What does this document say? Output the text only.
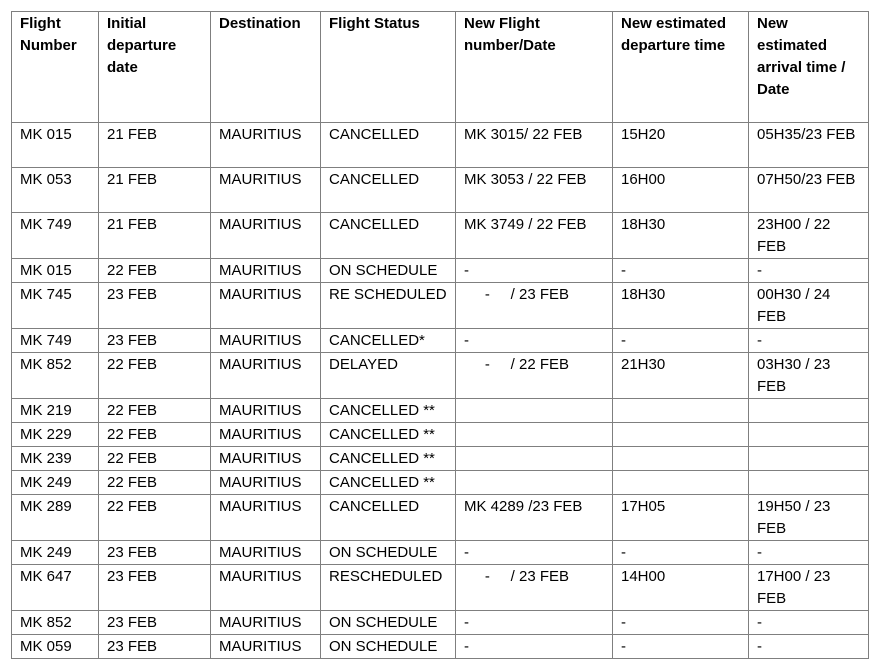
Flight Number	Initial departure date	Destination	Flight Status	New Flight number/Date	New estimated departure time	New estimated arrival time / Date
MK 015	21 FEB	MAURITIUS	CANCELLED	MK 3015/ 22 FEB	15H20	05H35/23 FEB
MK 053	21 FEB	MAURITIUS	CANCELLED	MK 3053 / 22 FEB	16H00	07H50/23 FEB
MK 749	21 FEB	MAURITIUS	CANCELLED	MK 3749 / 22 FEB	18H30	23H00 / 22 FEB
MK 015	22 FEB	MAURITIUS	ON SCHEDULE	-	-	-
MK 745	23 FEB	MAURITIUS	RE SCHEDULED	-     / 23 FEB	18H30	00H30 / 24 FEB
MK 749	23 FEB	MAURITIUS	CANCELLED*	-	-	-
MK 852	22 FEB	MAURITIUS	DELAYED	-     / 22 FEB	21H30	03H30 / 23 FEB
MK 219	22 FEB	MAURITIUS	CANCELLED **			
MK 229	22 FEB	MAURITIUS	CANCELLED **			
MK 239	22 FEB	MAURITIUS	CANCELLED **			
MK 249	22 FEB	MAURITIUS	CANCELLED **			
MK 289	22 FEB	MAURITIUS	CANCELLED	MK 4289 /23 FEB	17H05	19H50 / 23 FEB
MK 249	23 FEB	MAURITIUS	ON SCHEDULE	-	-	-
MK 647	23 FEB	MAURITIUS	RESCHEDULED	-     / 23 FEB	14H00	17H00 / 23 FEB
MK 852	23 FEB	MAURITIUS	ON SCHEDULE	-	-	-
MK 059	23 FEB	MAURITIUS	ON SCHEDULE	-	-	-
